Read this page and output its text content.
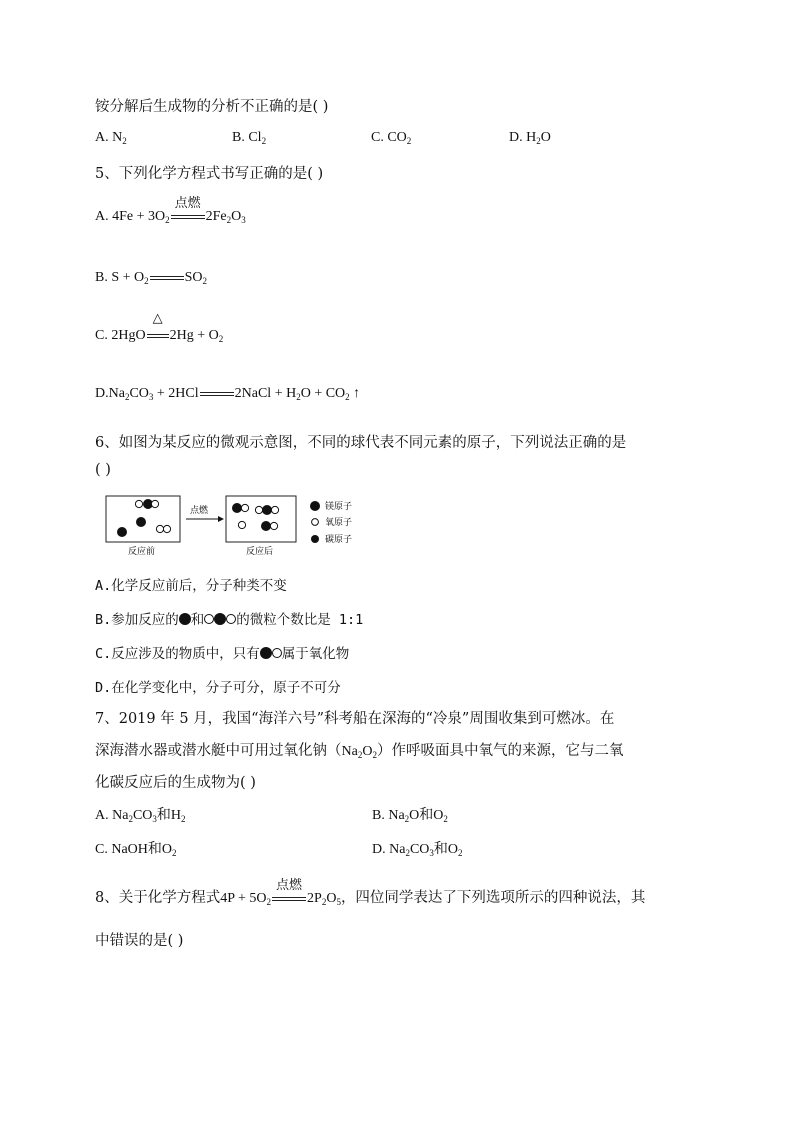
铵分解后生成物的分析不正确的是( )
A. $N_2$	B. $Cl_2$	C. $CO_2$	D. $H_2O$
5、下列化学方程式书写正确的是( )
A. $4Fe + 3O_2$
点燃
$2Fe_2O_3$
B. $S + O_2$	$SO_2$
C. 2HgO
△
$2Hg + O_2$
$D.Na_2CO_3 + 2HCl$	2NaCl + $H_2O + CO_2$ ↑
6、如图为某反应的微观示意图，不同的球代表不同元素的原子，下列说法正确的是
( )
点燃
反应前	反应后
镁原子
氧原子
碳原子
A.化学反应前后，分子种类不变
B.参加反应的 和 的微粒个数比是 1:1
C.反应涉及的物质中，只有 属于氧化物
D.在化学变化中，分子可分，原子不可分
7、2019 年 5 月，我国“海洋六号”科考船在深海的“冷泉”周围收集到可燃冰。在
深海潜水器或潜水艇中可用过氧化钠$(Na_2O_2)$作呼吸面具中氧气的来源，它与二氧
化碳反应后的生成物为( )
A. $Na_2CO_3$和$H_2$	B. $Na_2O$和$O_2$
C. NaOH和$O_2$	D. $Na_2CO_3$和$O_2$
8、关于化学方程式$4P + 5O_2$
点燃
$2P_2O_5$，四位同学表达了下列选项所示的四种说法，其
中错误的是( )
